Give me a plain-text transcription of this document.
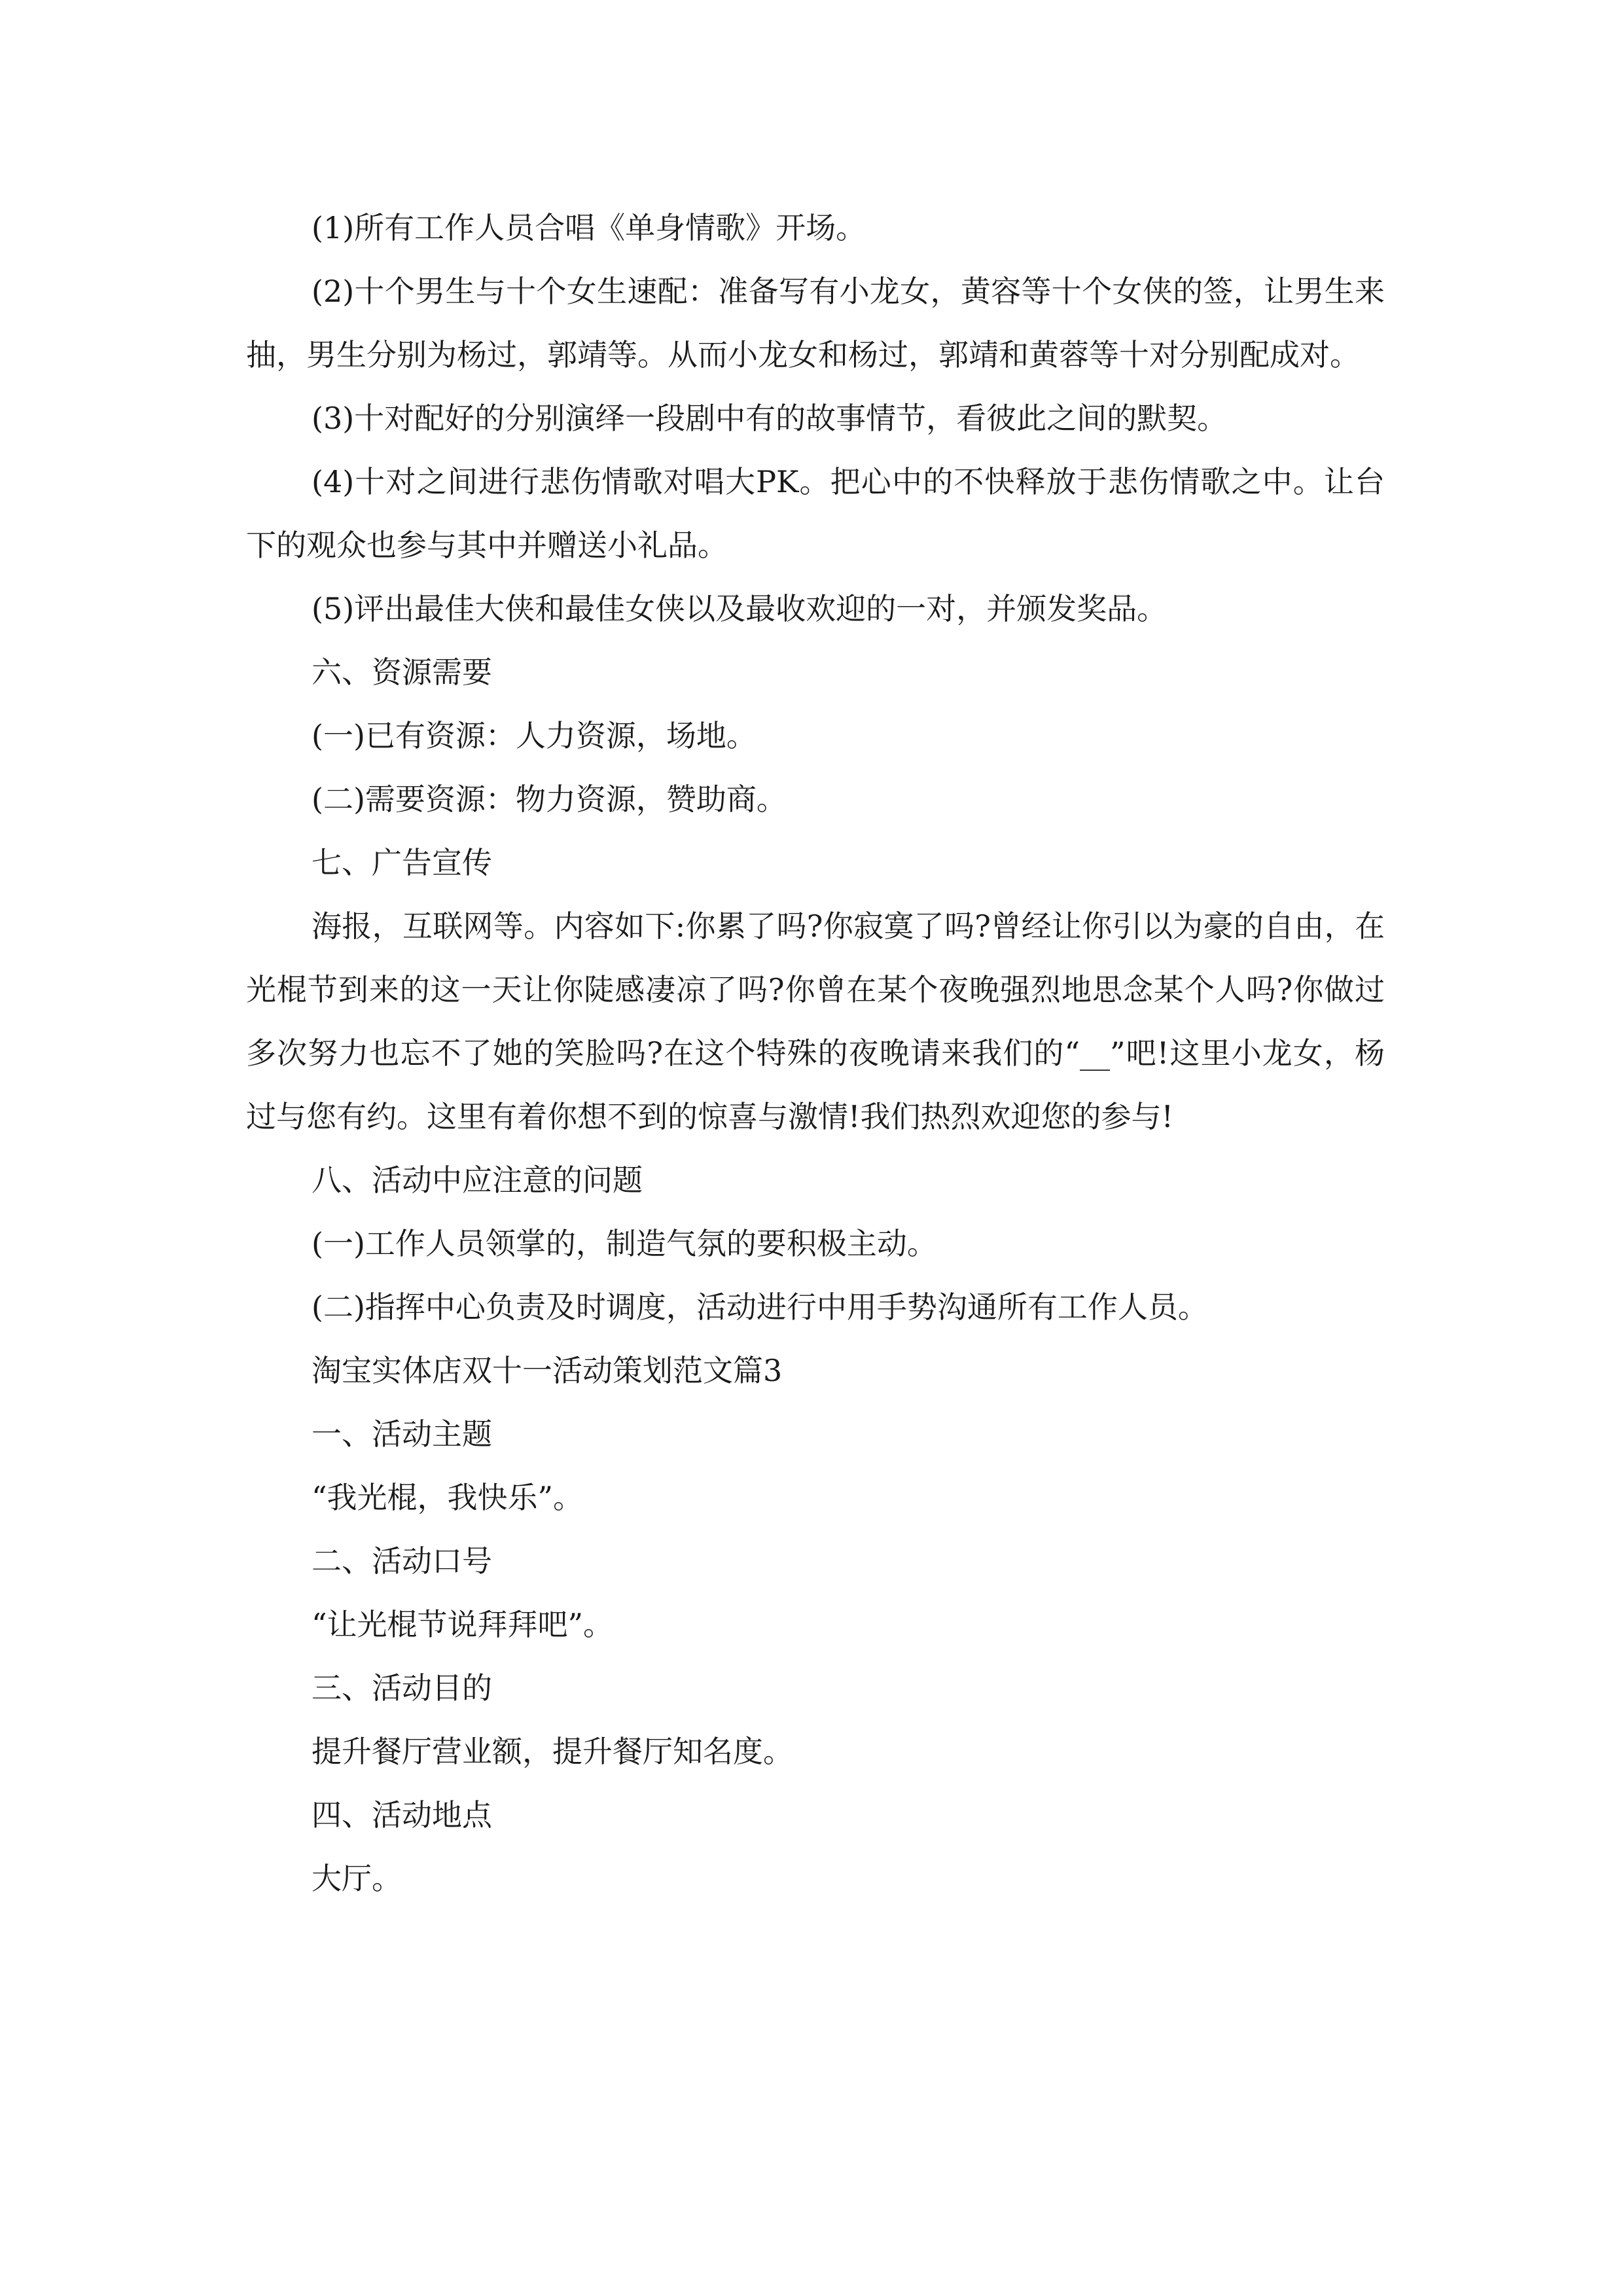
(1)所有工作人员合唱《单身情歌》开场。

(2)十个男生与十个女生速配：准备写有小龙女，黄容等十个女侠的签，让男生来抽，男生分别为杨过，郭靖等。从而小龙女和杨过，郭靖和黄蓉等十对分别配成对。

(3)十对配好的分别演绎一段剧中有的故事情节，看彼此之间的默契。

(4)十对之间进行悲伤情歌对唱大PK。把心中的不快释放于悲伤情歌之中。让台下的观众也参与其中并赠送小礼品。

(5)评出最佳大侠和最佳女侠以及最收欢迎的一对，并颁发奖品。

六、资源需要

(一)已有资源：人力资源，场地。

(二)需要资源：物力资源，赞助商。

七、广告宣传

海报，互联网等。内容如下:你累了吗?你寂寞了吗?曾经让你引以为豪的自由，在光棍节到来的这一天让你陡感凄凉了吗?你曾在某个夜晚强烈地思念某个人吗?你做过多次努力也忘不了她的笑脸吗?在这个特殊的夜晚请来我们的“__”吧!这里小龙女，杨过与您有约。这里有着你想不到的惊喜与激情!我们热烈欢迎您的参与!

八、活动中应注意的问题

(一)工作人员领掌的，制造气氛的要积极主动。

(二)指挥中心负责及时调度，活动进行中用手势沟通所有工作人员。

淘宝实体店双十一活动策划范文篇3

一、活动主题

“我光棍，我快乐”。

二、活动口号

“让光棍节说拜拜吧”。

三、活动目的

提升餐厅营业额，提升餐厅知名度。

四、活动地点

大厅。
